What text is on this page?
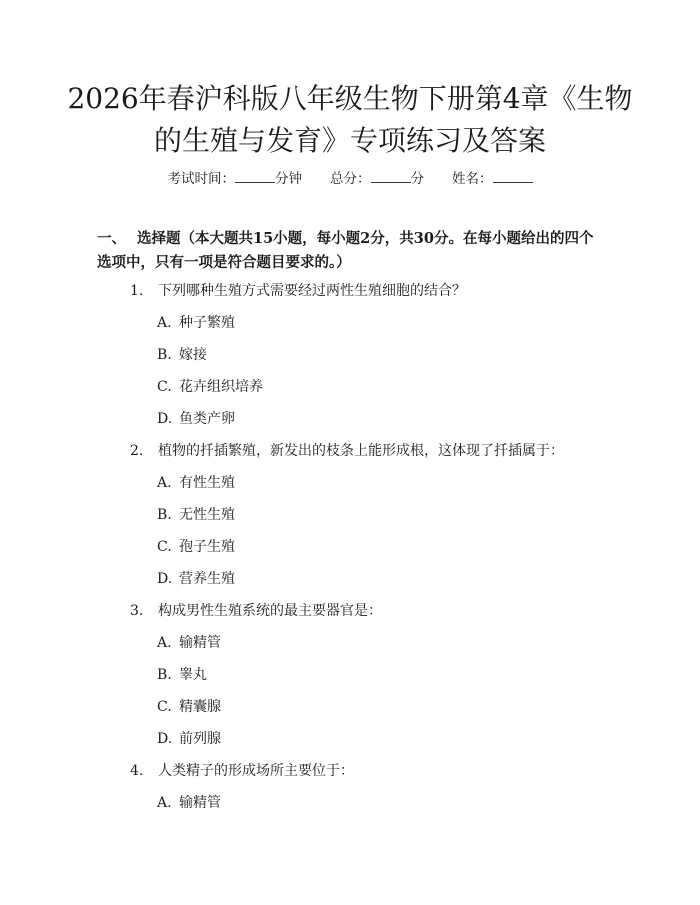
2026年春沪科版八年级生物下册第4章《生物的生殖与发育》专项练习及答案
考试时间：	分钟 总分：	分 姓名：

一、 选择题（本大题共15小题，每小题2分，共30分。在每小题给出的四个选项中，只有一项是符合题目要求的。）

1. 下列哪种生殖方式需要经过两性生殖细胞的结合？
A. 种子繁殖
B. 嫁接
C. 花卉组织培养
D. 鱼类产卵
2. 植物的扦插繁殖，新发出的枝条上能形成根，这体现了扦插属于：
A. 有性生殖
B. 无性生殖
C. 孢子生殖
D. 营养生殖
3. 构成男性生殖系统的最主要器官是：
A. 输精管
B. 睾丸
C. 精囊腺
D. 前列腺
4. 人类精子的形成场所主要位于：
A. 输精管
